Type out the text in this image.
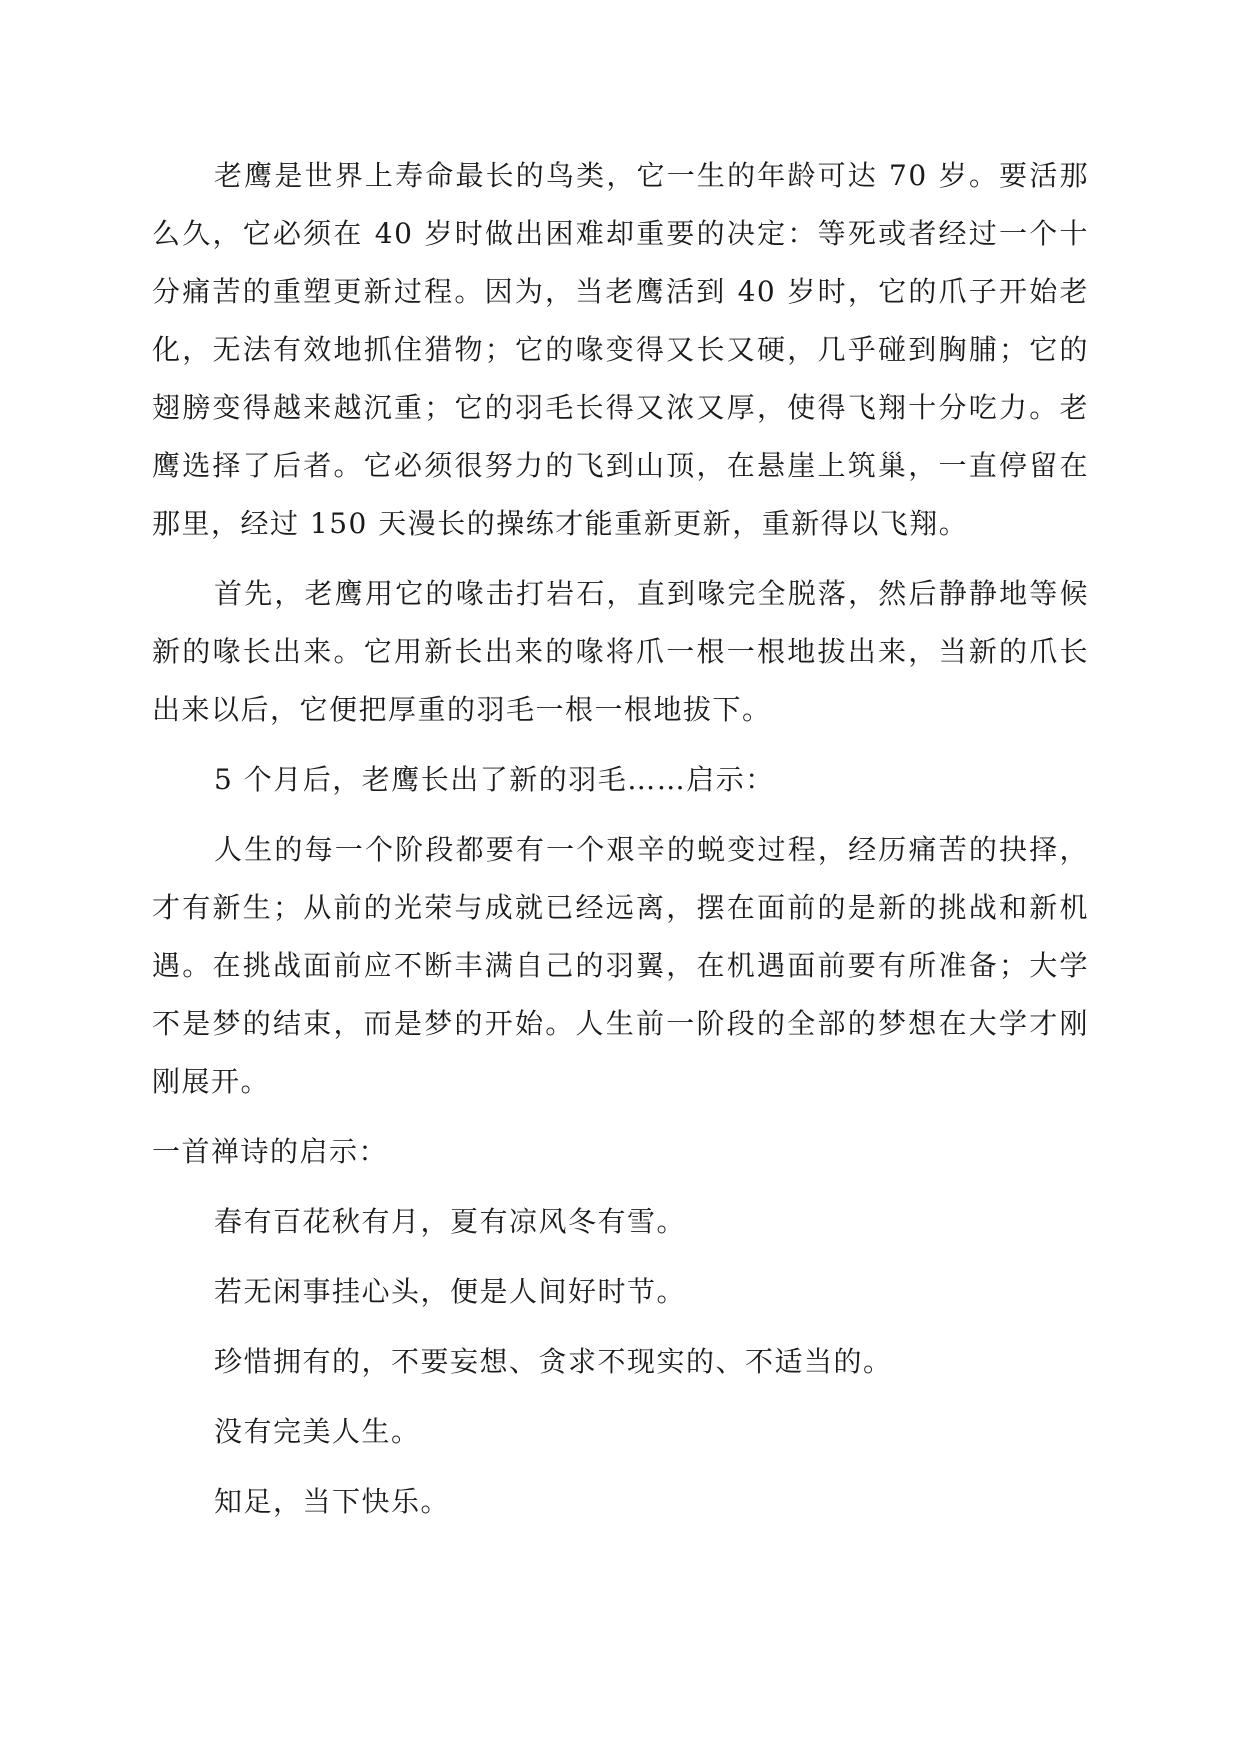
老鹰是世界上寿命最长的鸟类，它一生的年龄可达 70 岁。要活那么久，它必须在 40 岁时做出困难却重要的决定：等死或者经过一个十分痛苦的重塑更新过程。因为，当老鹰活到 40 岁时，它的爪子开始老化，无法有效地抓住猎物；它的喙变得又长又硬，几乎碰到胸脯；它的翅膀变得越来越沉重；它的羽毛长得又浓又厚，使得飞翔十分吃力。老鹰选择了后者。它必须很努力的飞到山顶，在悬崖上筑巢，一直停留在那里，经过 150 天漫长的操练才能重新更新，重新得以飞翔。

首先，老鹰用它的喙击打岩石，直到喙完全脱落，然后静静地等候新的喙长出来。它用新长出来的喙将爪一根一根地拔出来，当新的爪长出来以后，它便把厚重的羽毛一根一根地拔下。

5 个月后，老鹰长出了新的羽毛……启示：

人生的每一个阶段都要有一个艰辛的蜕变过程，经历痛苦的抉择，才有新生；从前的光荣与成就已经远离，摆在面前的是新的挑战和新机遇。在挑战面前应不断丰满自己的羽翼，在机遇面前要有所准备；大学不是梦的结束，而是梦的开始。人生前一阶段的全部的梦想在大学才刚刚展开。

一首禅诗的启示：

春有百花秋有月，夏有凉风冬有雪。

若无闲事挂心头，便是人间好时节。

珍惜拥有的，不要妄想、贪求不现实的、不适当的。

没有完美人生。

知足，当下快乐。
